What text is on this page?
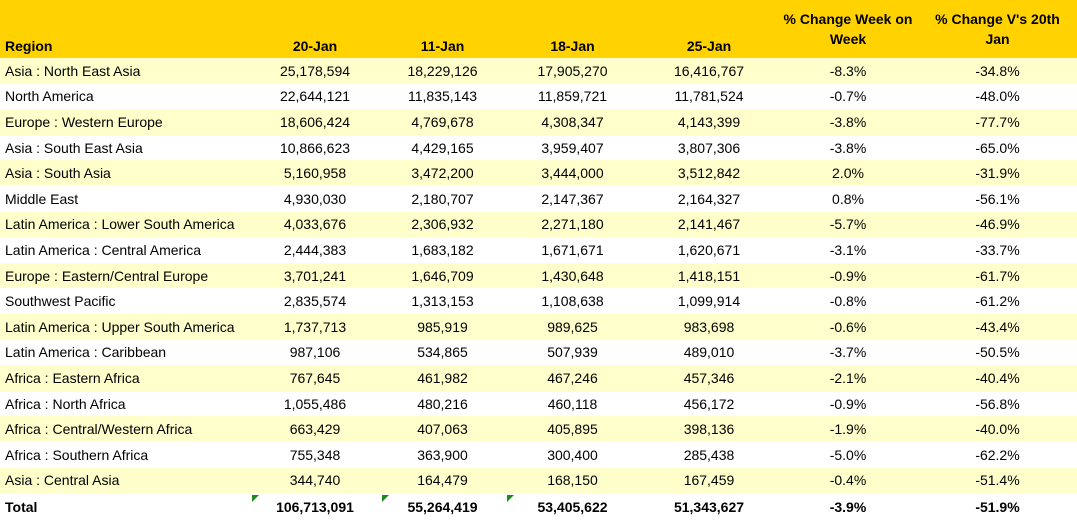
Region	20-Jan	11-Jan	18-Jan	25-Jan	% Change Week on	% Change V's 20th
					Week	Jan
Asia : North East Asia	25,178,594	18,229,126	17,905,270	16,416,767	-8.3%	-34.8%
North America	22,644,121	11,835,143	11,859,721	11,781,524	-0.7%	-48.0%
Europe : Western Europe	18,606,424	4,769,678	4,308,347	4,143,399	-3.8%	-77.7%
Asia : South East Asia	10,866,623	4,429,165	3,959,407	3,807,306	-3.8%	-65.0%
Asia : South Asia	5,160,958	3,472,200	3,444,000	3,512,842	2.0%	-31.9%
Middle East	4,930,030	2,180,707	2,147,367	2,164,327	0.8%	-56.1%
Latin America : Lower South America	4,033,676	2,306,932	2,271,180	2,141,467	-5.7%	-46.9%
Latin America : Central America	2,444,383	1,683,182	1,671,671	1,620,671	-3.1%	-33.7%
Europe : Eastern/Central Europe	3,701,241	1,646,709	1,430,648	1,418,151	-0.9%	-61.7%
Southwest Pacific	2,835,574	1,313,153	1,108,638	1,099,914	-0.8%	-61.2%
Latin America : Upper South America	1,737,713	985,919	989,625	983,698	-0.6%	-43.4%
Latin America : Caribbean	987,106	534,865	507,939	489,010	-3.7%	-50.5%
Africa : Eastern Africa	767,645	461,982	467,246	457,346	-2.1%	-40.4%
Africa : North Africa	1,055,486	480,216	460,118	456,172	-0.9%	-56.8%
Africa : Central/Western Africa	663,429	407,063	405,895	398,136	-1.9%	-40.0%
Africa : Southern Africa	755,348	363,900	300,400	285,438	-5.0%	-62.2%
Asia : Central Asia	344,740	164,479	168,150	167,459	-0.4%	-51.4%
Total	106,713,091	55,264,419	53,405,622	51,343,627	-3.9%	-51.9%
